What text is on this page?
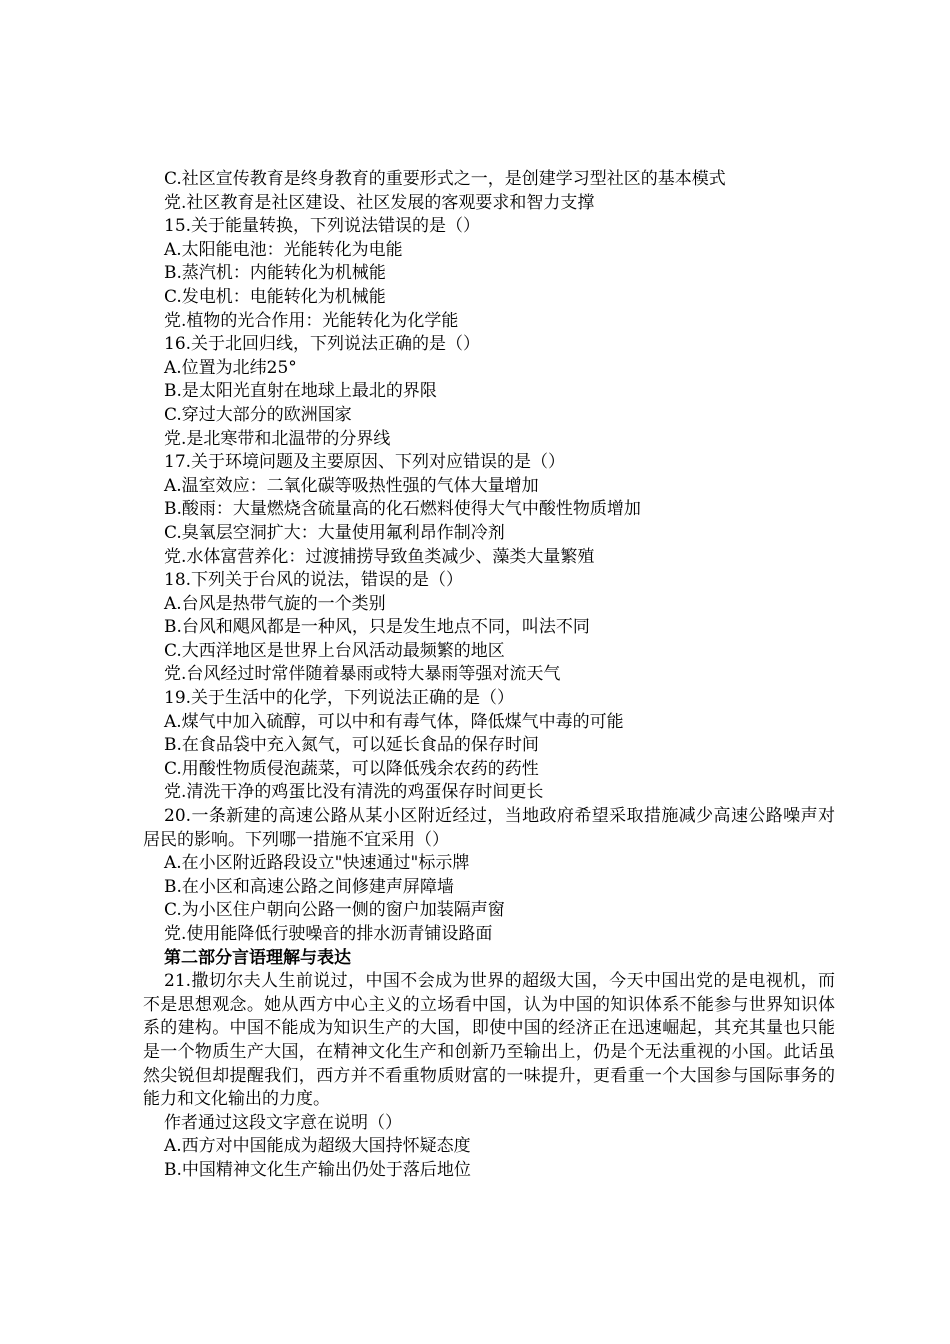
C.社区宣传教育是终身教育的重要形式之一，是创建学习型社区的基本模式
党.社区教育是社区建设、社区发展的客观要求和智力支撑
15.关于能量转换，下列说法错误的是（）
A.太阳能电池：光能转化为电能
B.蒸汽机：内能转化为机械能
C.发电机：电能转化为机械能
党.植物的光合作用：光能转化为化学能
16.关于北回归线，下列说法正确的是（）
A.位置为北纬25°
B.是太阳光直射在地球上最北的界限
C.穿过大部分的欧洲国家
党.是北寒带和北温带的分界线
17.关于环境问题及主要原因、下列对应错误的是（）
A.温室效应：二氧化碳等吸热性强的气体大量增加
B.酸雨：大量燃烧含硫量高的化石燃料使得大气中酸性物质增加
C.臭氧层空洞扩大：大量使用氟利昂作制冷剂
党.水体富营养化：过渡捕捞导致鱼类减少、藻类大量繁殖
18.下列关于台风的说法，错误的是（）
A.台风是热带气旋的一个类别
B.台风和飓风都是一种风，只是发生地点不同，叫法不同
C.大西洋地区是世界上台风活动最频繁的地区
党.台风经过时常伴随着暴雨或特大暴雨等强对流天气
19.关于生活中的化学，下列说法正确的是（）
A.煤气中加入硫醇，可以中和有毒气体，降低煤气中毒的可能
B.在食品袋中充入氮气，可以延长食品的保存时间
C.用酸性物质侵泡蔬菜，可以降低残余农药的药性
党.清洗干净的鸡蛋比没有清洗的鸡蛋保存时间更长
20.一条新建的高速公路从某小区附近经过，当地政府希望采取措施减少高速公路噪声对居民的影响。下列哪一措施不宜采用（）
A.在小区附近路段设立"快速通过"标示牌
B.在小区和高速公路之间修建声屏障墙
C.为小区住户朝向公路一侧的窗户加装隔声窗
党.使用能降低行驶噪音的排水沥青铺设路面
第二部分言语理解与表达
21.撒切尔夫人生前说过，中国不会成为世界的超级大国，今天中国出党的是电视机，而不是思想观念。她从西方中心主义的立场看中国，认为中国的知识体系不能参与世界知识体系的建构。中国不能成为知识生产的大国，即使中国的经济正在迅速崛起，其充其量也只能是一个物质生产大国，在精神文化生产和创新乃至输出上，仍是个无法重视的小国。此话虽然尖锐但却提醒我们，西方并不看重物质财富的一味提升，更看重一个大国参与国际事务的能力和文化输出的力度。
作者通过这段文字意在说明（）
A.西方对中国能成为超级大国持怀疑态度
B.中国精神文化生产输出仍处于落后地位
